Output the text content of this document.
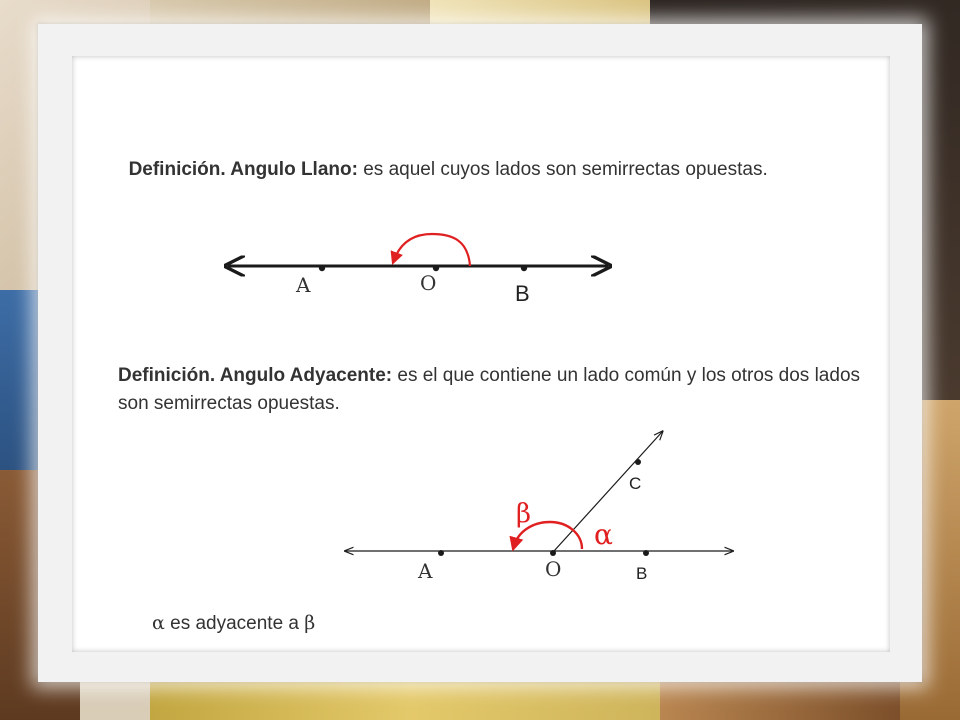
Definición. Angulo Llano: es aquel cuyos lados son semirrectas opuestas.
Definición. Angulo Adyacente: es el que contiene un lado común y los otros dos lados son semirrectas opuestas.
α es adyacente a β
A	O	B
A	O	B
C
α
β
